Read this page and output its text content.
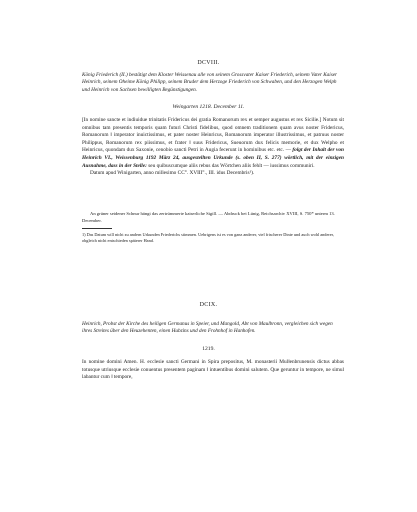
DCVIII.
König Friederich (II.) bestätigt dem Kloster Weissenau alle von seinem Grossvater Kaiser Friederich, seinem Vater Kaiser Heinrich, seinem Oheime König Philipp, seinem Bruder dem Herzoge Friederich von Schwaben, und den Herzogen Welph und Heinrich von Sachsen bewilligten Begünstigungen.
Weingarten 1218. December 11.
[In nomine sancte et indiuidue trinitatis Fridericus dei gratia Romanorum rex et semper augustus et rex Sicilie.] Notum sit omnibus tam presentis temporis quam futuri Christi fidelibus, quod omnem traditionem quam avus noster Fridericus, Romanorum ǁ imperator inuictissimus, et pater noster Heinricus, Romanorum imperator illustrissimus, et patruus noster Philippus, Romanorum rex piissimus, et frater ǁ suus Fridericus, Sueuorum dux felicis memorie, et dux Welpho et Heinricus, quondam dux Saxonie, cenobio sancti Petri in Augia fecerunt in hominibus etc. etc. — folgt der Inhalt der von Heinrich VI., Weissenburg 1192 März 24, ausgestellten Urkunde (s. oben II, S. 277) wörtlich, mit der einzigen Ausnahme, dass in der Stelle: seu quibuscumque aliis rebus das Wörtchen aliis fehlt — iussimus communiri.
Datum apud Winigarten, anno millesimo CC°. XVIII°., III. idus Decembris¹).
An grüner seidener Schnur hängt das zertrümmerte kaiserliche Sigill. — Abdruck bei Lünig, Reichsarchiv XVIII, S. 750* unterm 13. December.
1) Das Datum will nicht zu andern Urkunden Friederichs stimmen. Uebrigens ist es von ganz anderer, viel frischerer Dinte und auch wohl anderer, obgleich nicht entschieden späterer Hand.
DCIX.
Heinrich, Probst der Kirche des heiligen Germanus in Speier, und Mangold, Abt von Maulbronn, vergleichen sich wegen ihres Streites über den Heuzehenten, einen Hubzins und den Frohnhof in Hanhofen.
1219.
In nomine domini Amen. H. ecclesie sancti Germani in Spira prepositus, M. monasterii Mulǁenbrunensis dictus abbas totusque utriusque ecclesie conuentus presentem paginam ǁ intuentibus domini salutem. Que geruntur in tempore, ne simul labantur cum ǁ tempore,
